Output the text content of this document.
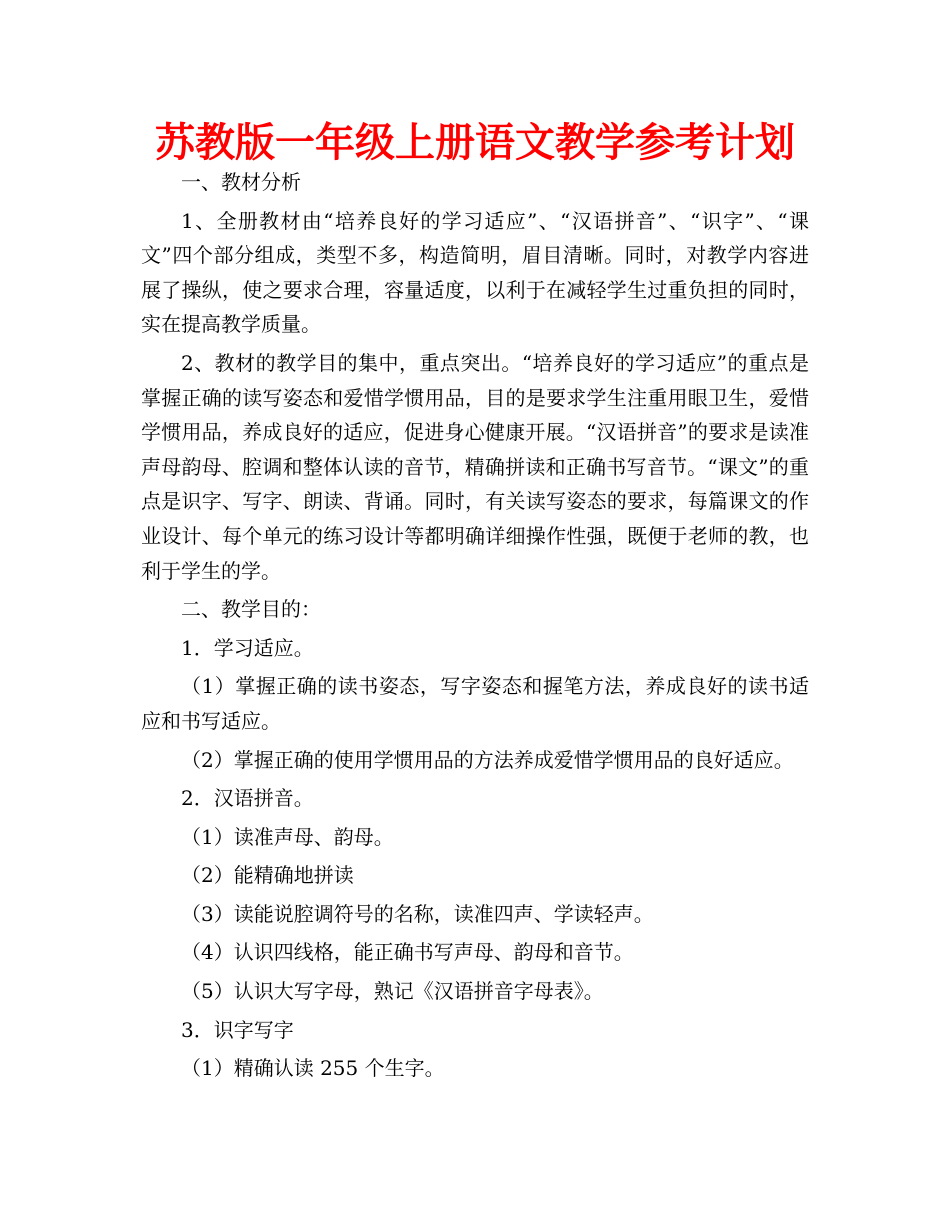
苏教版一年级上册语文教学参考计划

一、教材分析

1、全册教材由“培养良好的学习适应”、“汉语拼音”、“识字”、“课文”四个部分组成，类型不多，构造简明，眉目清晰。同时，对教学内容进展了操纵，使之要求合理，容量适度，以利于在减轻学生过重负担的同时，实在提高教学质量。

2、教材的教学目的集中，重点突出。“培养良好的学习适应”的重点是掌握正确的读写姿态和爱惜学惯用品，目的是要求学生注重用眼卫生，爱惜学惯用品，养成良好的适应，促进身心健康开展。“汉语拼音”的要求是读准声母韵母、腔调和整体认读的音节，精确拼读和正确书写音节。“课文”的重点是识字、写字、朗读、背诵。同时，有关读写姿态的要求，每篇课文的作业设计、每个单元的练习设计等都明确详细操作性强，既便于老师的教，也利于学生的学。

二、教学目的：

1．学习适应。

（1）掌握正确的读书姿态，写字姿态和握笔方法，养成良好的读书适应和书写适应。

（2）掌握正确的使用学惯用品的方法养成爱惜学惯用品的良好适应。

2．汉语拼音。

（1）读准声母、韵母。

（2）能精确地拼读

（3）读能说腔调符号的名称，读准四声、学读轻声。

（4）认识四线格，能正确书写声母、韵母和音节。

（5）认识大写字母，熟记《汉语拼音字母表》。

3．识字写字

（1）精确认读 255 个生字。
